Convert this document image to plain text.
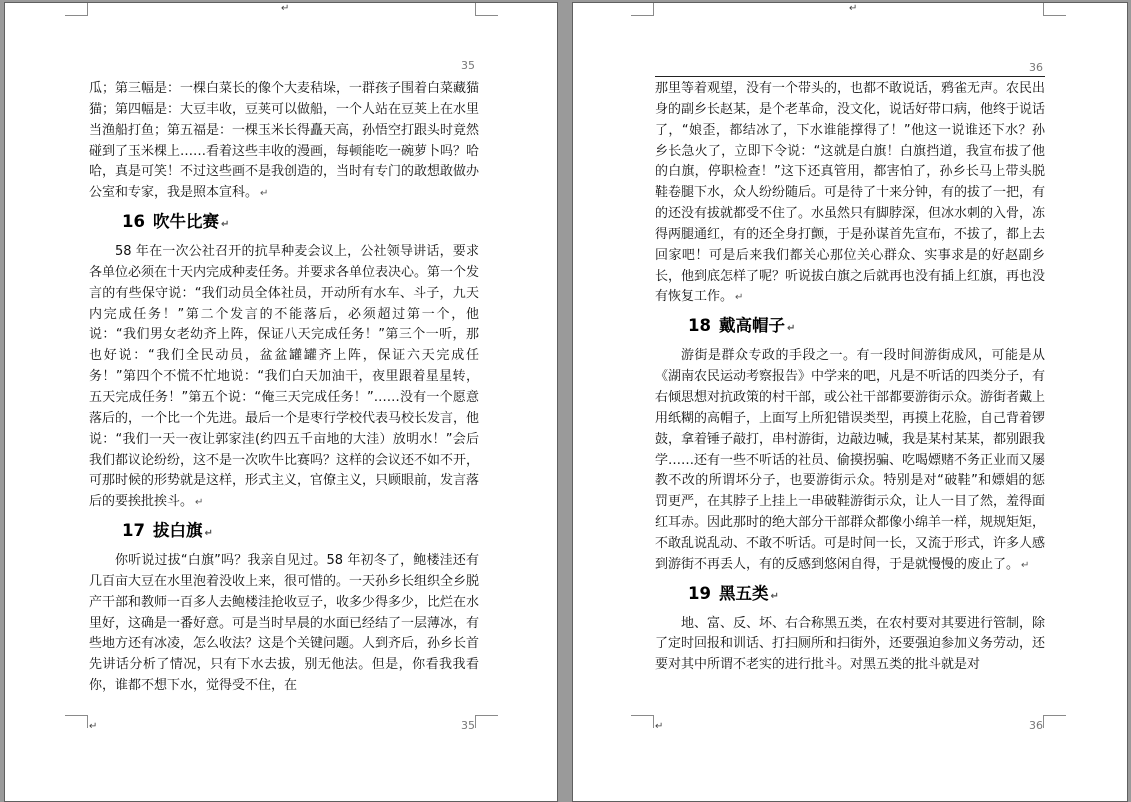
↵
35

瓜；第三幅是：一棵白菜长的像个大麦秸垛，一群孩子围着白菜藏猫猫；第四幅是：大豆丰收，豆荚可以做船，一个人站在豆荚上在水里当渔船打鱼；第五福是：一棵玉米长得矗天高，孙悟空打跟头时竟然碰到了玉米棵上……看着这些丰收的漫画，每顿能吃一碗萝卜吗？哈哈，真是可笑！不过这些画不是我创造的，当时有专门的敢想敢做办公室和专家，我是照本宣科。 ↵

16 吹牛比赛 ↵

58 年在一次公社召开的抗旱种麦会议上，公社领导讲话，要求各单位必须在十天内完成种麦任务。并要求各单位表决心。第一个发言的有些保守说：“我们动员全体社员，开动所有水车、斗子，九天内完成任务！”第二个发言的不能落后，必须超过第一个，他说：“我们男女老幼齐上阵，保证八天完成任务！”第三个一听，那也好说：“我们全民动员，盆盆罐罐齐上阵，保证六天完成任务！”第四个不慌不忙地说：“我们白天加油干，夜里跟着星星转，五天完成任务！”第五个说：“俺三天完成任务！”……没有一个愿意落后的，一个比一个先进。最后一个是枣行学校代表马校长发言，他说：“我们一天一夜让郭家洼(约四五千亩地的大洼）放明水！”会后我们都议论纷纷，这不是一次吹牛比赛吗？这样的会议还不如不开，可那时候的形势就是这样，形式主义，官僚主义，只顾眼前，发言落后的要挨批挨斗。 ↵

17 拔白旗 ↵

你听说过拔“白旗”吗？我亲自见过。58 年初冬了，鲍楼洼还有几百亩大豆在水里泡着没收上来，很可惜的。一天孙乡长组织全乡脱产干部和教师一百多人去鲍楼洼抢收豆子，收多少得多少，比烂在水里好，这确是一番好意。可是当时早晨的水面已经结了一层薄冰，有些地方还有冰凌，怎么收法？这是个关键问题。人到齐后，孙乡长首先讲话分析了情况，只有下水去拔，别无他法。但是，你看我我看你，谁都不想下水，觉得受不住，在

↵	35
↵
36

那里等着观望，没有一个带头的，也都不敢说话，鸦雀无声。农民出身的副乡长赵某，是个老革命，没文化，说话好带口病，他终于说话了，“娘歪，都结冰了，下水谁能撑得了！”他这一说谁还下水？孙乡长急火了，立即下令说：“这就是白旗！白旗挡道，我宣布拔了他的白旗，停职检查！”这下还真管用，都害怕了，孙乡长马上带头脱鞋卷腿下水，众人纷纷随后。可是待了十来分钟，有的拔了一把，有的还没有拔就都受不住了。水虽然只有脚脖深，但冰水刺的入骨，冻得两腿通红，有的还全身打颤，于是孙谋首先宣布，不拔了，都上去回家吧！可是后来我们都关心那位关心群众、实事求是的好赵副乡长，他到底怎样了呢？听说拔白旗之后就再也没有插上红旗，再也没有恢复工作。 ↵

18 戴高帽子 ↵

游街是群众专政的手段之一。有一段时间游街成风，可能是从《湖南农民运动考察报告》中学来的吧，凡是不听话的四类分子，有右倾思想对抗政策的村干部，或公社干部都要游街示众。游街者戴上用纸糊的高帽子，上面写上所犯错误类型，再摸上花脸，自己背着锣鼓，拿着锤子敲打，串村游街，边敲边喊，我是某村某某，都别跟我学……还有一些不听话的社员、偷摸拐骗、吃喝嫖赌不务正业而又屡教不改的所谓坏分子，也要游街示众。特别是对“破鞋”和嫖娼的惩罚更严，在其脖子上挂上一串破鞋游街示众，让人一目了然，羞得面红耳赤。因此那时的绝大部分干部群众都像小绵羊一样，规规矩矩，不敢乱说乱动、不敢不听话。可是时间一长，又流于形式，许多人感到游街不再丢人，有的反感到悠闲自得，于是就慢慢的废止了。 ↵

19 黑五类 ↵

地、富、反、坏、右合称黑五类，在农村要对其要进行管制，除了定时回报和训话、打扫厕所和扫街外，还要强迫参加义务劳动，还要对其中所谓不老实的进行批斗。对黑五类的批斗就是对

↵	36
